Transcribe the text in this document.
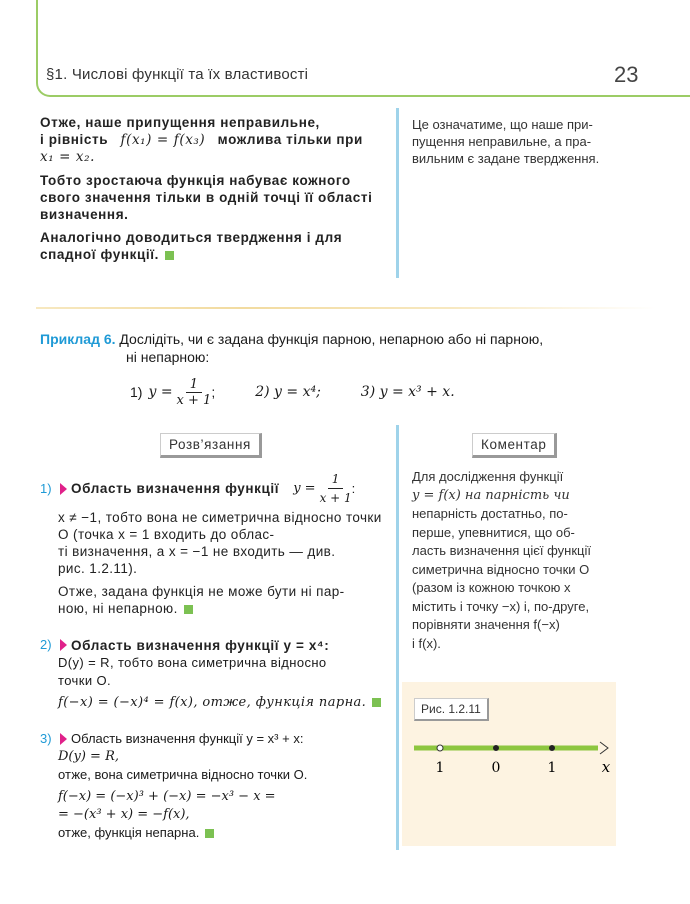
§1. Числові функції та їх властивості	23
Отже, наше припущення неправильне,
і рівність f(x₁) = f(x₃) можлива тільки при
x₁ = x₂.
Тобто зростаюча функція набуває кожного
свого значення тільки в одній точці її області
визначення.
Аналогічно доводиться твердження і для
спадної функції.
Це означатиме, що наше при-
пущення неправильне, а пра-
вильним є задане твердження.
Приклад 6. Дослідіть, чи є задана функція парною, непарною або ні парною,
ні непарною:
1) $y = \frac{1}{x + 1}$ ;	2) y = x⁴;	3) y = x³ + x.
Розв’язання	Коментар
1)	Область визначення функції $y = \frac{1}{x + 1}$ :
x ≠ −1, тобто вона не симетрична відносно точки O (точка x = 1 входить до облас-
ті визначення, а x = −1 не входить — див.
рис. 1.2.11).
Отже, задана функція не може бути ні пар-
ною, ні непарною.
2)	Область визначення функції y = x⁴:
D(y) = R, тобто вона симетрична відносно
точки O.
f(−x) = (−x)⁴ = f(x), отже, функція парна.
3)	Область визначення функції y = x³ + x:
D(y) = R,
отже, вона симетрична відносно точки O.
f(−x) = (−x)³ + (−x) = −x³ − x =
= −(x³ + x) = −f(x),
отже, функція непарна.
Для дослідження функції
y = f(x) на парність чи
непарність достатньо, по-
перше, упевнитися, що об-
ласть визначення цієї функції
симетрична відносно точки O
(разом із кожною точкою x
містить і точку −x) і, по-друге,
порівняти значення f(−x)
і f(x).
Рис. 1.2.11
1	0	1	x
